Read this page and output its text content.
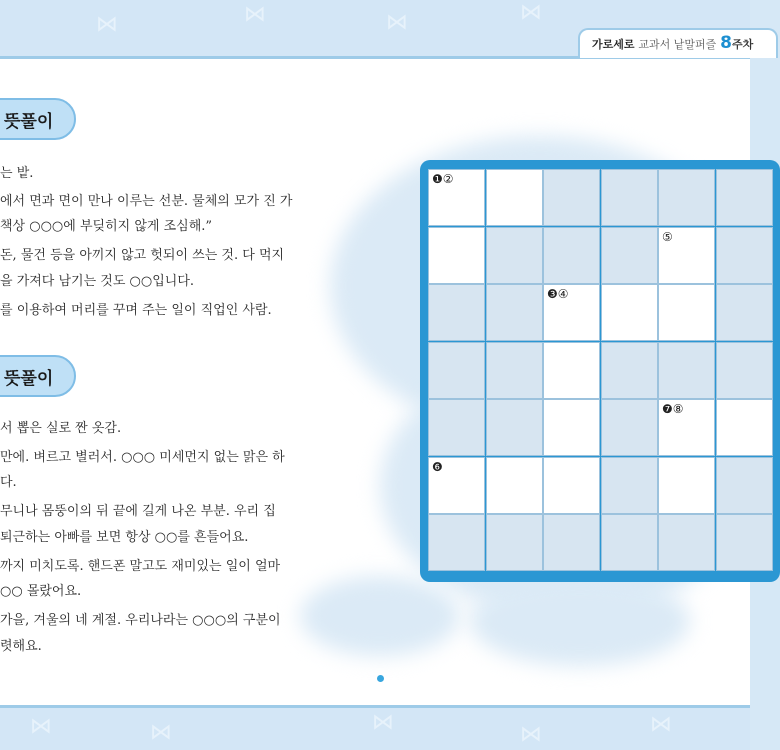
⋈	⋈	⋈	⋈
⋈	⋈	⋈	⋈	⋈
가로세로 교과서 낱말퍼즐 8주차
뜻풀이
는 밭.
에서 면과 면이 만나 이루는 선분. 물체의 모가 진 가
책상 ○○○에 부딪히지 않게 조심해.”
돈, 물건 등을 아끼지 않고 헛되이 쓰는 것. 다 먹지
을 가져다 남기는 것도 ○○입니다.
를 이용하여 머리를 꾸며 주는 일이 직업인 사람.
뜻풀이
서 뽑은 실로 짠 옷감.
만에. 벼르고 별러서. ○○○ 미세먼지 없는 맑은 하
다.
무니나 몸뚱이의 뒤 끝에 길게 나온 부분. 우리 집
퇴근하는 아빠를 보면 항상 ○○를 흔들어요.
까지 미치도록. 핸드폰 말고도 재미있는 일이 얼마
○○ 몰랐어요.
가을, 겨울의 네 계절. 우리나라는 ○○○의 구분이
렷해요.
❶②
⑤
❸④
❼⑧
❻
